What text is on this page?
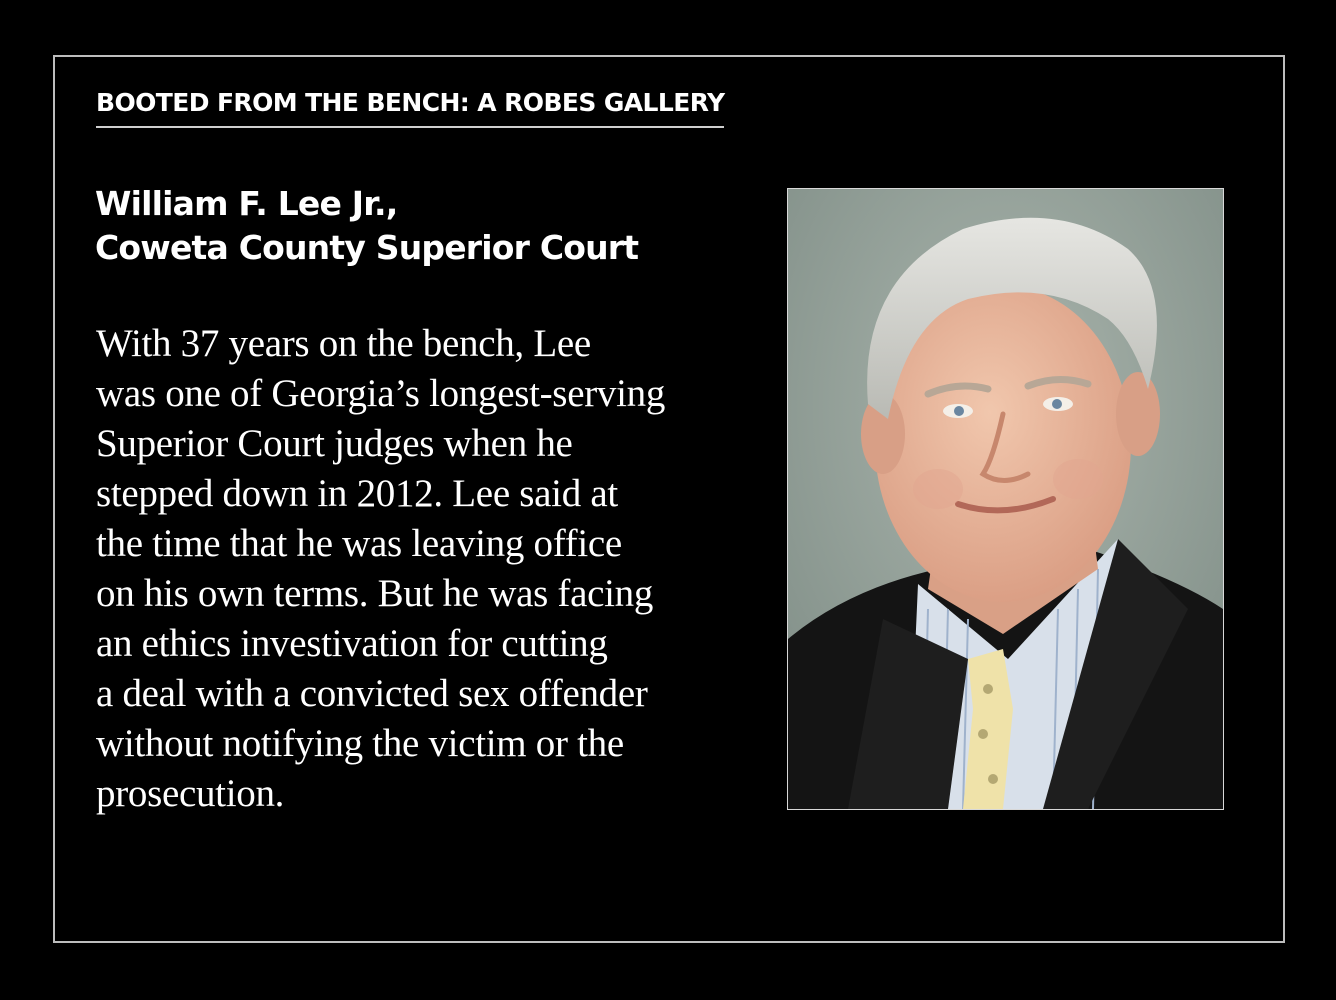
BOOTED FROM THE BENCH: A ROBES GALLERY
William F. Lee Jr.,
Coweta County Superior Court
With 37 years on the bench, Lee
was one of Georgia’s longest-serving
Superior Court judges when he
stepped down in 2012. Lee said at
the time that he was leaving office
on his own terms. But he was facing
an ethics investivation for cutting
a deal with a convicted sex offender
without notifying the victim or the
prosecution.
